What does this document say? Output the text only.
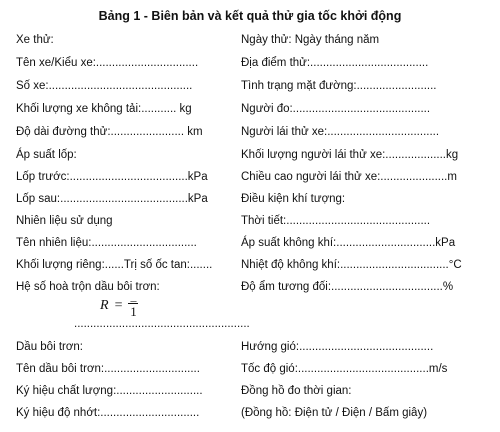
Bảng 1 - Biên bản và kết quả thử gia tốc khởi động
Xe thử:
Tên xe/Kiểu xe:................................
Số xe:.............................................
Khối lượng xe không tải:........... kg
Độ dài đường thử:....................... km
Áp suất lốp:
Lốp trước:.....................................kPa
Lốp sau:........................................kPa
Nhiên liệu sử dụng
Tên nhiên liệu:.................................
Khối lượng riêng:......Trị số ốc tan:.......
Hệ số hoà trộn dầu bôi trơn:
.......................................................
Dầu bôi trơn:
Tên dầu bôi trơn:..............................
Ký hiệu chất lượng:...........................
Ký hiệu độ nhớt:...............................
$R = \frac{-}{1}$
Ngày thử: Ngày tháng năm
Địa điểm thử:.....................................
Tình trạng mặt đường:.........................
Người đo:...........................................
Người lái thử xe:...................................
Khối lượng người lái thử xe:...................kg
Chiều cao người lái thử xe:.....................m
Điều kiện khí tượng:
Thời tiết:.............................................
Áp suất không khí:...............................kPa
Nhiệt độ không khí:..................................°C
Độ ẩm tương đối:...................................%
Hướng gió:..........................................
Tốc độ gió:.........................................m/s
Đồng hồ đo thời gian:
(Đồng hồ: Điện tử / Điện / Bấm giây)
